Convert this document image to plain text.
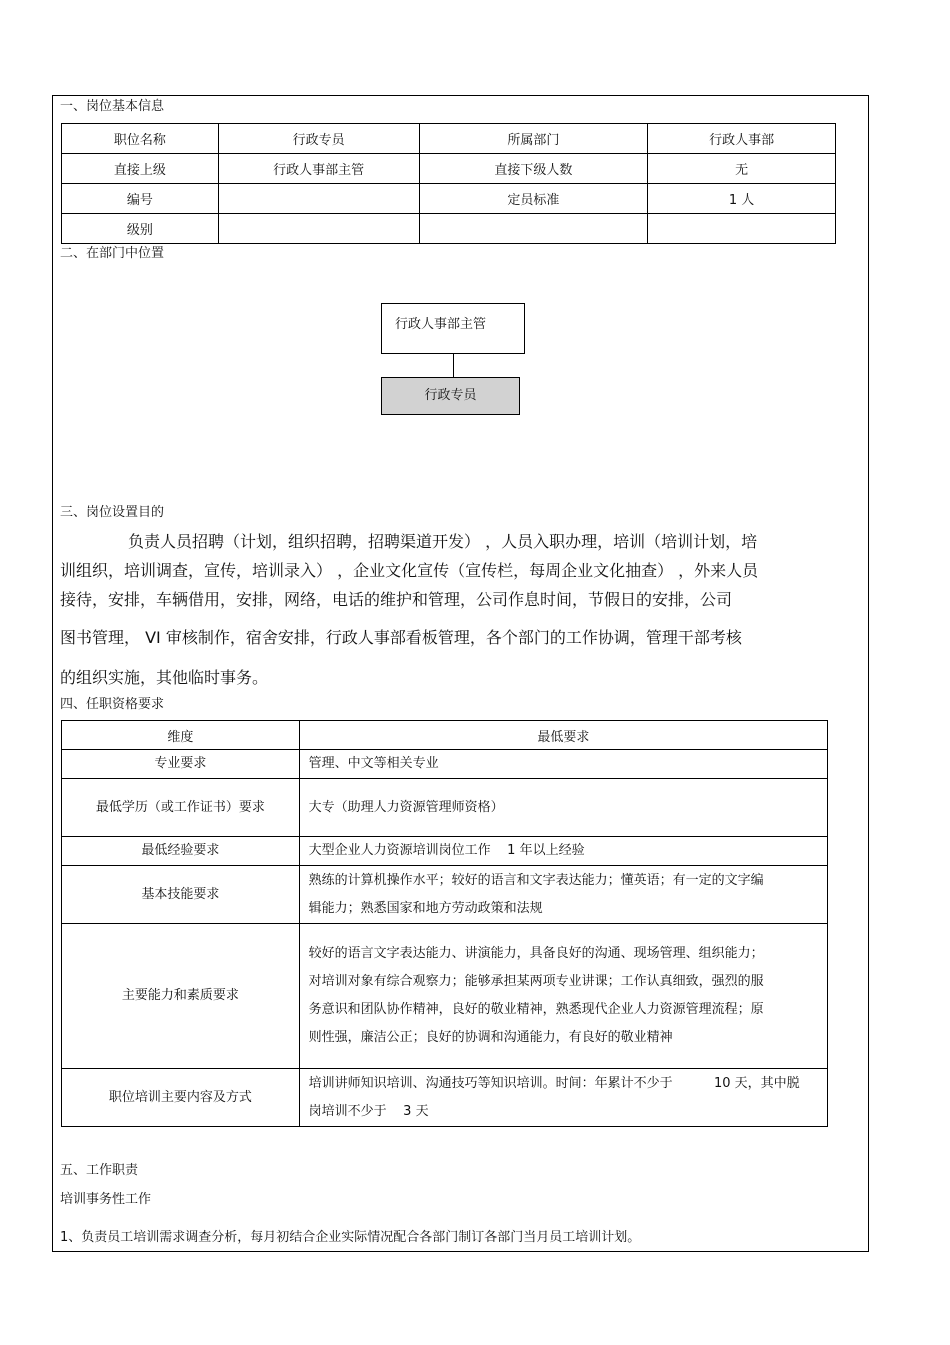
一、岗位基本信息
职位名称	行政专员	所属部门	行政人事部
直接上级	行政人事部主管	直接下级人数	无
编号		定员标准	1 人
级别			
二、在部门中位置
行政人事部主管
行政专员
三、岗位设置目的
负责人员招聘（计划，组织招聘，招聘渠道开发） ，人员入职办理，培训（培训计划，培
训组织，培训调查，宣传，培训录入） ，企业文化宣传（宣传栏，每周企业文化抽查） ，外来人员
接待，安排，车辆借用，安排，网络，电话的维护和管理，公司作息时间，节假日的安排，公司
图书管理， VI 审核制作，宿舍安排，行政人事部看板管理，各个部门的工作协调，管理干部考核
的组织实施，其他临时事务。
四、任职资格要求
维度	最低要求
专业要求	管理、中文等相关专业
最低学历（或工作证书）要求	大专（助理人力资源管理师资格）
最低经验要求	大型企业人力资源培训岗位工作    1 年以上经验
基本技能要求	熟练的计算机操作水平；较好的语言和文字表达能力；懂英语；有一定的文字编辑能力；熟悉国家和地方劳动政策和法规
主要能力和素质要求	较好的语言文字表达能力、讲演能力，具备良好的沟通、现场管理、组织能力；对培训对象有综合观察力；能够承担某两项专业讲课；工作认真细致，强烈的服务意识和团队协作精神，良好的敬业精神，熟悉现代企业人力资源管理流程；原则性强，廉洁公正；良好的协调和沟通能力，有良好的敬业精神
职位培训主要内容及方式	培训讲师知识培训、沟通技巧等知识培训。时间：年累计不少于          10 天，其中脱岗培训不少于    3 天
五、工作职责
培训事务性工作
1、负责员工培训需求调查分析，每月初结合企业实际情况配合各部门制订各部门当月员工培训计划。
